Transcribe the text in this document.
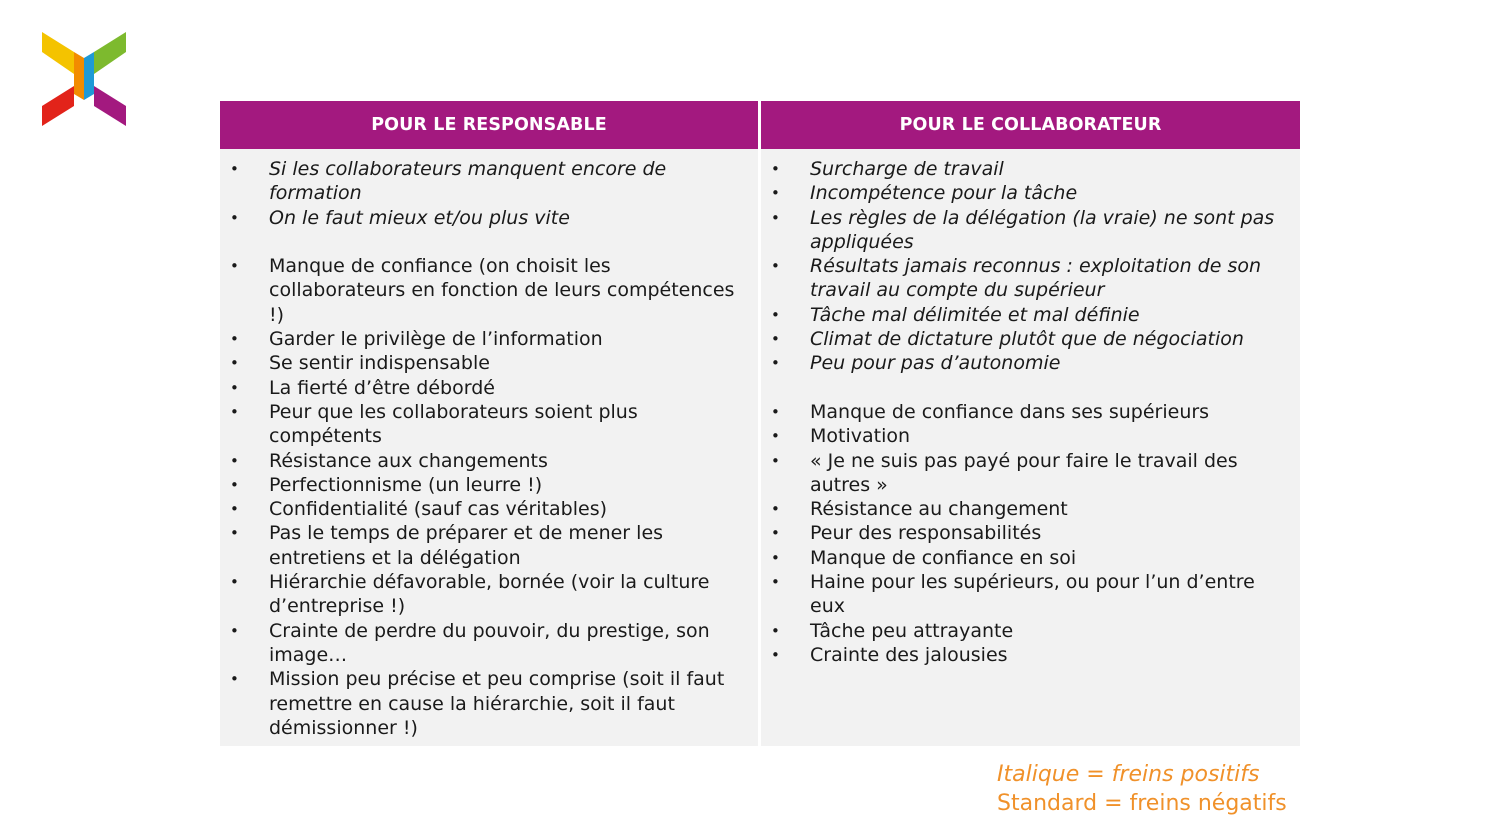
POUR LE RESPONSABLE	POUR LE COLLABORATEUR
• Si les collaborateurs manquent encore de formation
• On le faut mieux et/ou plus vite
• Manque de confiance (on choisit les collaborateurs en fonction de leurs compétences !)
• Garder le privilège de l’information
• Se sentir indispensable
• La fierté d’être débordé
• Peur que les collaborateurs soient plus compétents
• Résistance aux changements
• Perfectionnisme (un leurre !)
• Confidentialité (sauf cas véritables)
• Pas le temps de préparer et de mener les entretiens et la délégation
• Hiérarchie défavorable, bornée (voir la culture d’entreprise !)
• Crainte de perdre du pouvoir, du prestige, son image…
• Mission peu précise et peu comprise (soit il faut remettre en cause la hiérarchie, soit il faut démissionner !)
• Surcharge de travail
• Incompétence pour la tâche
• Les règles de la délégation (la vraie) ne sont pas appliquées
• Résultats jamais reconnus : exploitation de son travail au compte du supérieur
• Tâche mal délimitée et mal définie
• Climat de dictature plutôt que de négociation
• Peu pour pas d’autonomie
• Manque de confiance dans ses supérieurs
• Motivation
• « Je ne suis pas payé pour faire le travail des autres »
• Résistance au changement
• Peur des responsabilités
• Manque de confiance en soi
• Haine pour les supérieurs, ou pour l’un d’entre eux
• Tâche peu attrayante
• Crainte des jalousies
Italique = freins positifs
Standard = freins négatifs
